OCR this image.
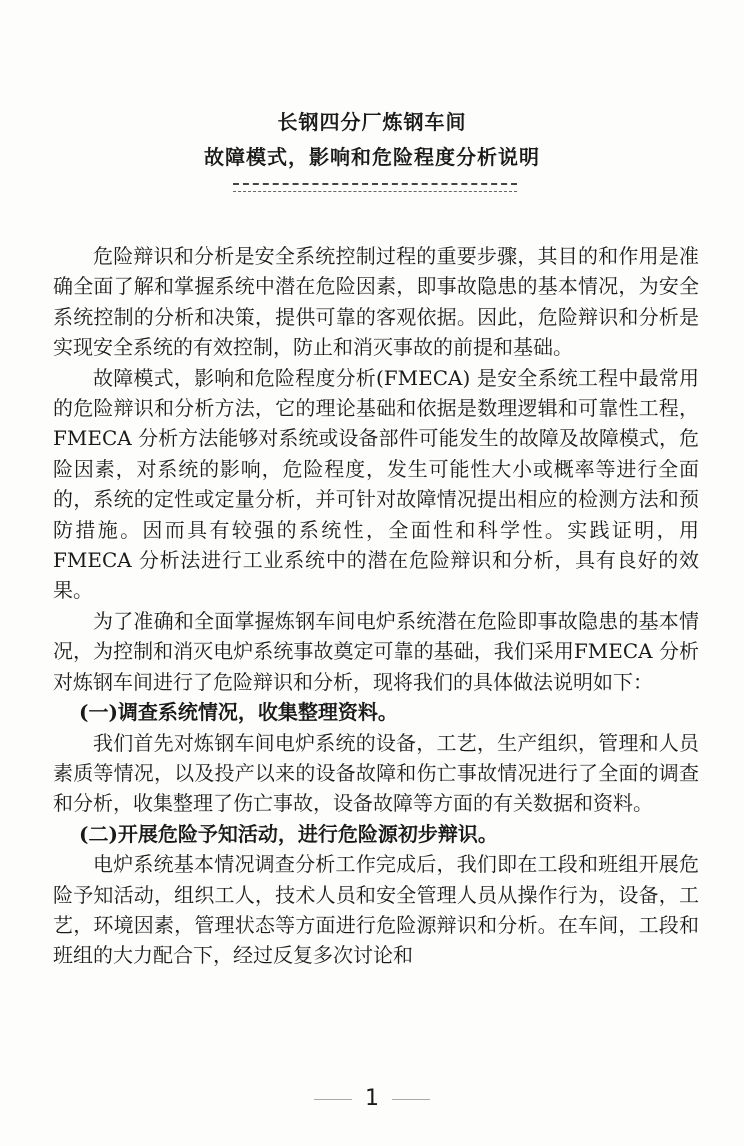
长钢四分厂炼钢车间
故障模式，影响和危险程度分析说明

危险辩识和分析是安全系统控制过程的重要步骤，其目的和作用是准确全面了解和掌握系统中潜在危险因素，即事故隐患的基本情况，为安全系统控制的分析和决策，提供可靠的客观依据。因此，危险辩识和分析是实现安全系统的有效控制，防止和消灭事故的前提和基础。

故障模式，影响和危险程度分析(FMECA) 是安全系统工程中最常用的危险辩识和分析方法，它的理论基础和依据是数理逻辑和可靠性工程，FMECA 分析方法能够对系统或设备部件可能发生的故障及故障模式，危险因素，对系统的影响，危险程度，发生可能性大小或概率等进行全面的，系统的定性或定量分析，并可针对故障情况提出相应的检测方法和预防措施。因而具有较强的系统性，全面性和科学性。实践证明，用FMECA 分析法进行工业系统中的潜在危险辩识和分析，具有良好的效果。

为了准确和全面掌握炼钢车间电炉系统潜在危险即事故隐患的基本情况，为控制和消灭电炉系统事故奠定可靠的基础，我们采用FMECA 分析对炼钢车间进行了危险辩识和分析，现将我们的具体做法说明如下：

(一)调查系统情况，收集整理资料。

我们首先对炼钢车间电炉系统的设备，工艺，生产组织，管理和人员素质等情况，以及投产以来的设备故障和伤亡事故情况进行了全面的调查和分析，收集整理了伤亡事故，设备故障等方面的有关数据和资料。

(二)开展危险予知活动，进行危险源初步辩识。

电炉系统基本情况调查分析工作完成后，我们即在工段和班组开展危险予知活动，组织工人，技术人员和安全管理人员从操作行为，设备，工艺，环境因素，管理状态等方面进行危险源辩识和分析。在车间，工段和班组的大力配合下，经过反复多次讨论和

1
